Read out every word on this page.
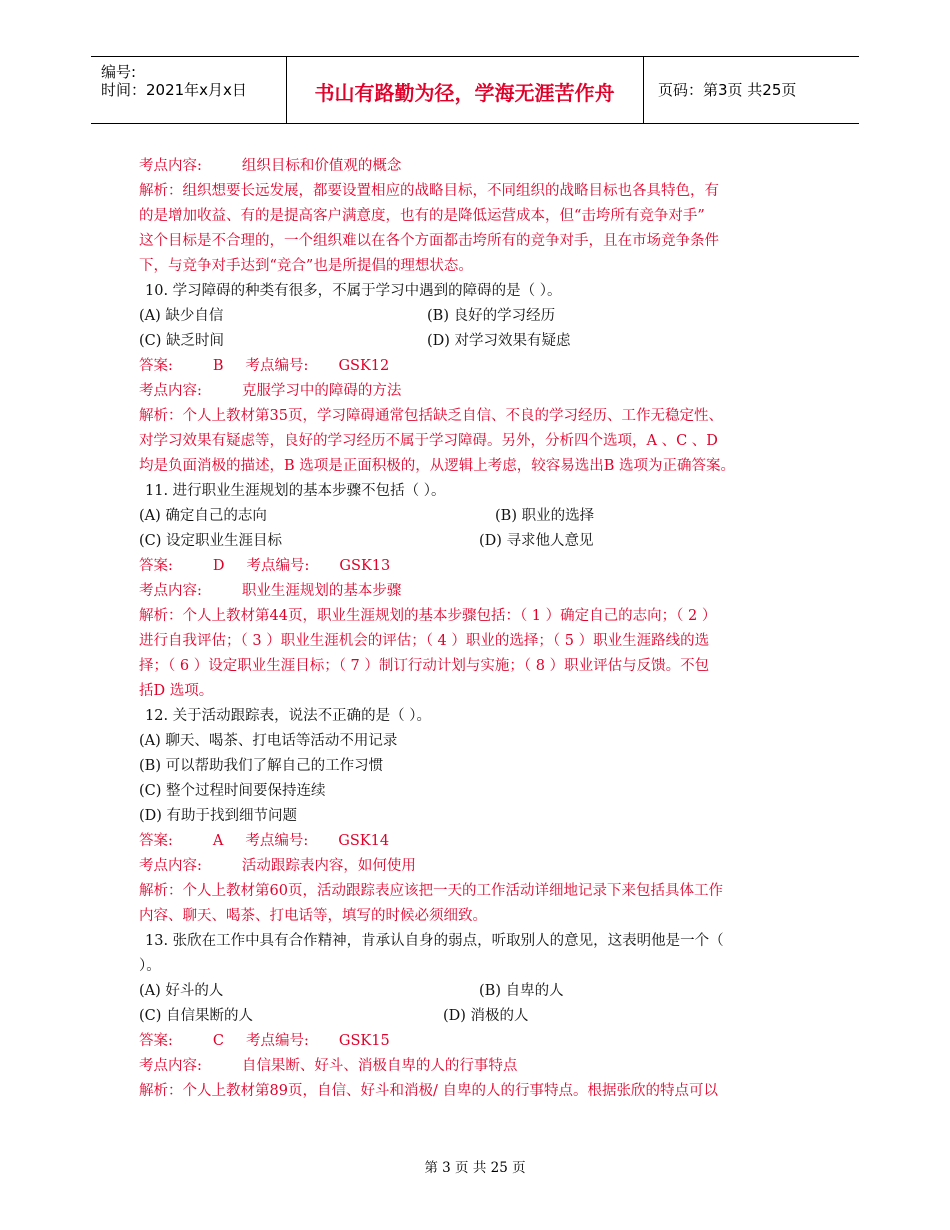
编号:
时间：2021年x月x日	书山有路勤为径，学海无涯苦作舟	页码：第3页 共25页
考点内容:	组织目标和价值观的概念
解析：组织想要长远发展，都要设置相应的战略目标，不同组织的战略目标也各具特色，有
的是增加收益、有的是提高客户满意度，也有的是降低运营成本，但“击垮所有竞争对手”
这个目标是不合理的，一个组织难以在各个方面都击垮所有的竞争对手，且在市场竞争条件
下，与竞争对手达到“竞合”也是所提倡的理想状态。
10. 学习障碍的种类有很多，不属于学习中遇到的障碍的是（ ）。
(A) 缺少自信	(B) 良好的学习经历
(C) 缺乏时间	(D) 对学习效果有疑虑
答案:	B 考点编号: GSK12
考点内容:	克服学习中的障碍的方法
解析：个人上教材第35页，学习障碍通常包括缺乏自信、不良的学习经历、工作无稳定性、
对学习效果有疑虑等，良好的学习经历不属于学习障碍。另外，分析四个选项，A 、C 、D
均是负面消极的描述，B 选项是正面积极的，从逻辑上考虑，较容易选出B 选项为正确答案。
11. 进行职业生涯规划的基本步骤不包括（ ）。
(A) 确定自己的志向	(B) 职业的选择
(C) 设定职业生涯目标	(D) 寻求他人意见
答案:	D 考点编号: GSK13
考点内容:	职业生涯规划的基本步骤
解析：个人上教材第44页，职业生涯规划的基本步骤包括：（ 1 ）确定自己的志向；（ 2 ）
进行自我评估；（ 3 ）职业生涯机会的评估；（ 4 ）职业的选择；（ 5 ）职业生涯路线的选
择；（ 6 ）设定职业生涯目标；（ 7 ）制订行动计划与实施；（ 8 ）职业评估与反馈。不包
括D 选项。
12. 关于活动跟踪表，说法不正确的是（ ）。
(A) 聊天、喝茶、打电话等活动不用记录
(B) 可以帮助我们了解自己的工作习惯
(C) 整个过程时间要保持连续
(D) 有助于找到细节问题
答案:	A 考点编号: GSK14
考点内容:	活动跟踪表内容，如何使用
解析：个人上教材第60页，活动跟踪表应该把一天的工作活动详细地记录下来包括具体工作
内容、聊天、喝茶、打电话等，填写的时候必须细致。
13. 张欣在工作中具有合作精神，肯承认自身的弱点，听取别人的意见，这表明他是一个（
）。
(A) 好斗的人	(B) 自卑的人
(C) 自信果断的人	(D) 消极的人
答案:	C 考点编号: GSK15
考点内容:	自信果断、好斗、消极自卑的人的行事特点
解析：个人上教材第89页，自信、好斗和消极/ 自卑的人的行事特点。根据张欣的特点可以
第 3 页 共 25 页
